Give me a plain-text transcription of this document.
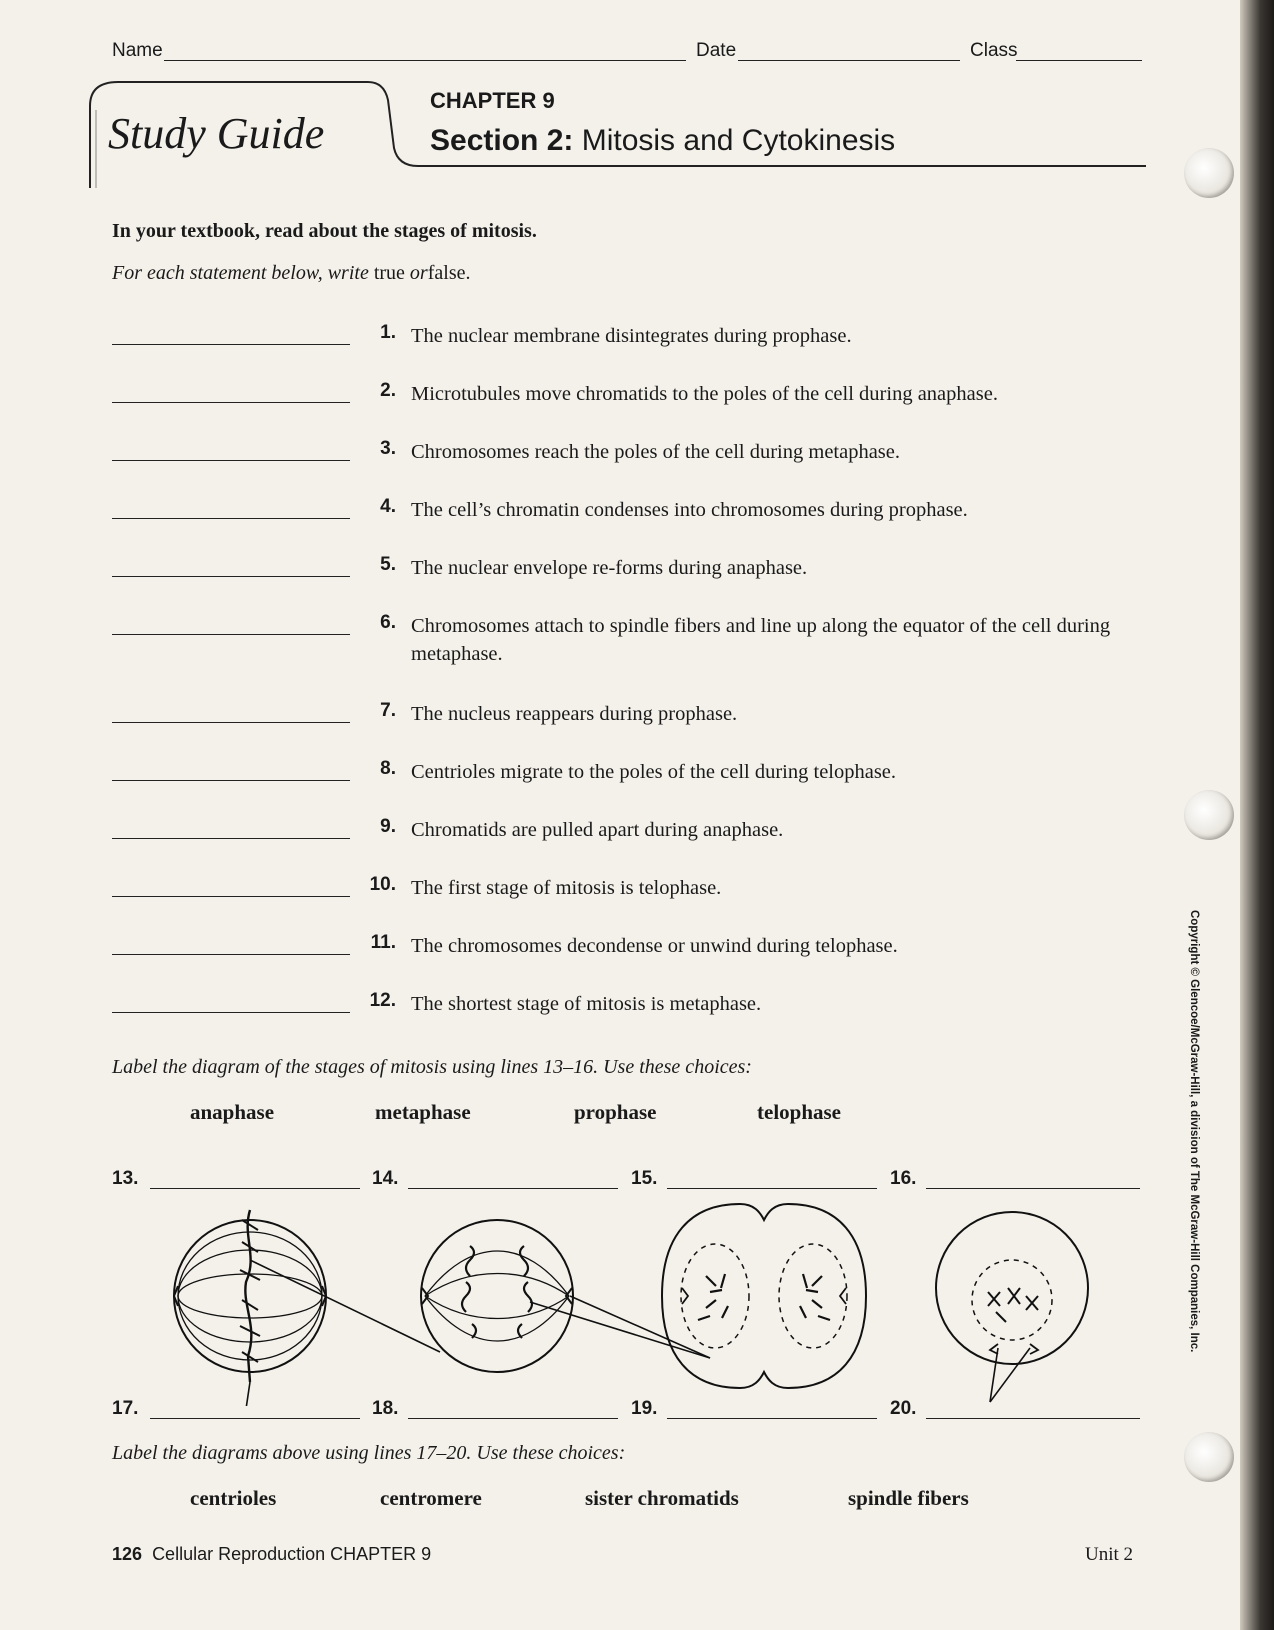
Name	Date	Class
Study Guide
CHAPTER 9
Section 2: Mitosis and Cytokinesis
In your textbook, read about the stages of mitosis.
For each statement below, write true orfalse.
1. The nuclear membrane disintegrates during prophase.
2. Microtubules move chromatids to the poles of the cell during anaphase.
3. Chromosomes reach the poles of the cell during metaphase.
4. The cell’s chromatin condenses into chromosomes during prophase.
5. The nuclear envelope re-forms during anaphase.
6. Chromosomes attach to spindle fibers and line up along the equator of the cell during metaphase.
7. The nucleus reappears during prophase.
8. Centrioles migrate to the poles of the cell during telophase.
9. Chromatids are pulled apart during anaphase.
10. The first stage of mitosis is telophase.
11. The chromosomes decondense or unwind during telophase.
12. The shortest stage of mitosis is metaphase.
Label the diagram of the stages of mitosis using lines 13–16. Use these choices:
anaphase	metaphase	prophase	telophase
13.	14.	15.	16.
17.	18.	19.	20.
Label the diagrams above using lines 17–20. Use these choices:
centrioles	centromere	sister chromatids	spindle fibers
126 Cellular Reproduction CHAPTER 9	Unit 2
Copyright © Glencoe/McGraw-Hill, a division of The McGraw-Hill Companies, Inc.
